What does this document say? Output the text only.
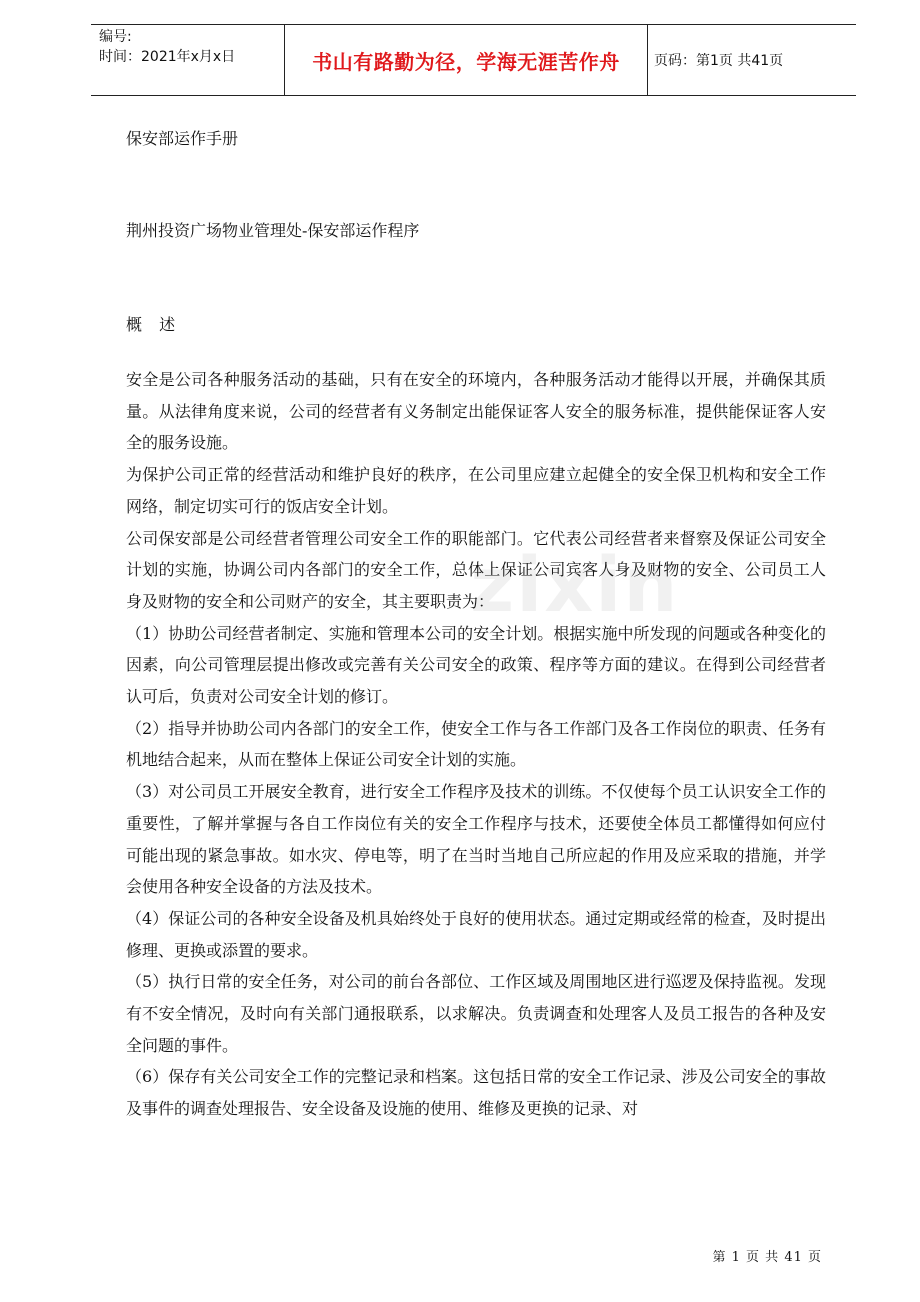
编号:
时间：2021年x月x日	书山有路勤为径，学海无涯苦作舟	页码：第1页 共41页
保安部运作手册
荆州投资广场物业管理处-保安部运作程序
概 述

安全是公司各种服务活动的基础，只有在安全的环境内，各种服务活动才能得以开展，并确保其质量。从法律角度来说，公司的经营者有义务制定出能保证客人安全的服务标准，提供能保证客人安全的服务设施。

为保护公司正常的经营活动和维护良好的秩序，在公司里应建立起健全的安全保卫机构和安全工作网络，制定切实可行的饭店安全计划。

公司保安部是公司经营者管理公司安全工作的职能部门。它代表公司经营者来督察及保证公司安全计划的实施，协调公司内各部门的安全工作，总体上保证公司宾客人身及财物的安全、公司员工人身及财物的安全和公司财产的安全，其主要职责为：

（1）协助公司经营者制定、实施和管理本公司的安全计划。根据实施中所发现的问题或各种变化的因素，向公司管理层提出修改或完善有关公司安全的政策、程序等方面的建议。在得到公司经营者认可后，负责对公司安全计划的修订。

（2）指导并协助公司内各部门的安全工作，使安全工作与各工作部门及各工作岗位的职责、任务有机地结合起来，从而在整体上保证公司安全计划的实施。

（3）对公司员工开展安全教育，进行安全工作程序及技术的训练。不仅使每个员工认识安全工作的重要性，了解并掌握与各自工作岗位有关的安全工作程序与技术，还要使全体员工都懂得如何应付可能出现的紧急事故。如水灾、停电等，明了在当时当地自己所应起的作用及应采取的措施，并学会使用各种安全设备的方法及技术。

（4）保证公司的各种安全设备及机具始终处于良好的使用状态。通过定期或经常的检查，及时提出修理、更换或添置的要求。

（5）执行日常的安全任务，对公司的前台各部位、工作区域及周围地区进行巡逻及保持监视。发现有不安全情况，及时向有关部门通报联系，以求解决。负责调查和处理客人及员工报告的各种及安全问题的事件。

（6）保存有关公司安全工作的完整记录和档案。这包括日常的安全工作记录、涉及公司安全的事故及事件的调查处理报告、安全设备及设施的使用、维修及更换的记录、对

zixin
第 1 页 共 41 页
